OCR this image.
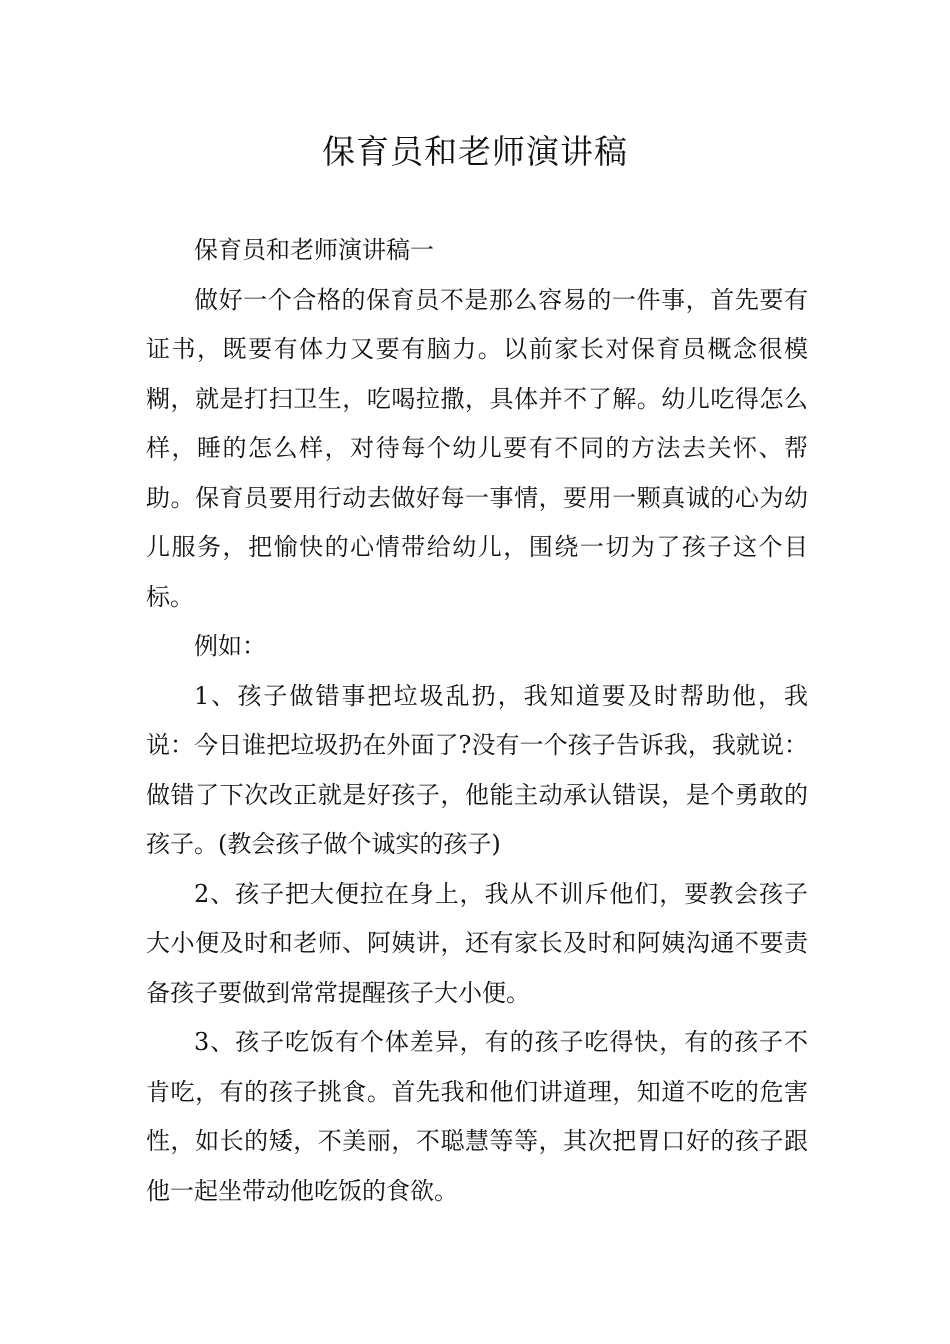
保育员和老师演讲稿

保育员和老师演讲稿一

做好一个合格的保育员不是那么容易的一件事，首先要有证书，既要有体力又要有脑力。以前家长对保育员概念很模糊，就是打扫卫生，吃喝拉撒，具体并不了解。幼儿吃得怎么样，睡的怎么样，对待每个幼儿要有不同的方法去关怀、帮助。保育员要用行动去做好每一事情，要用一颗真诚的心为幼儿服务，把愉快的心情带给幼儿，围绕一切为了孩子这个目标。

例如：

1、孩子做错事把垃圾乱扔，我知道要及时帮助他，我说：今日谁把垃圾扔在外面了?没有一个孩子告诉我，我就说：做错了下次改正就是好孩子，他能主动承认错误，是个勇敢的孩子。(教会孩子做个诚实的孩子)

2、孩子把大便拉在身上，我从不训斥他们，要教会孩子大小便及时和老师、阿姨讲，还有家长及时和阿姨沟通不要责备孩子要做到常常提醒孩子大小便。

3、孩子吃饭有个体差异，有的孩子吃得快，有的孩子不肯吃，有的孩子挑食。首先我和他们讲道理，知道不吃的危害性，如长的矮，不美丽，不聪慧等等，其次把胃口好的孩子跟他一起坐带动他吃饭的食欲。
